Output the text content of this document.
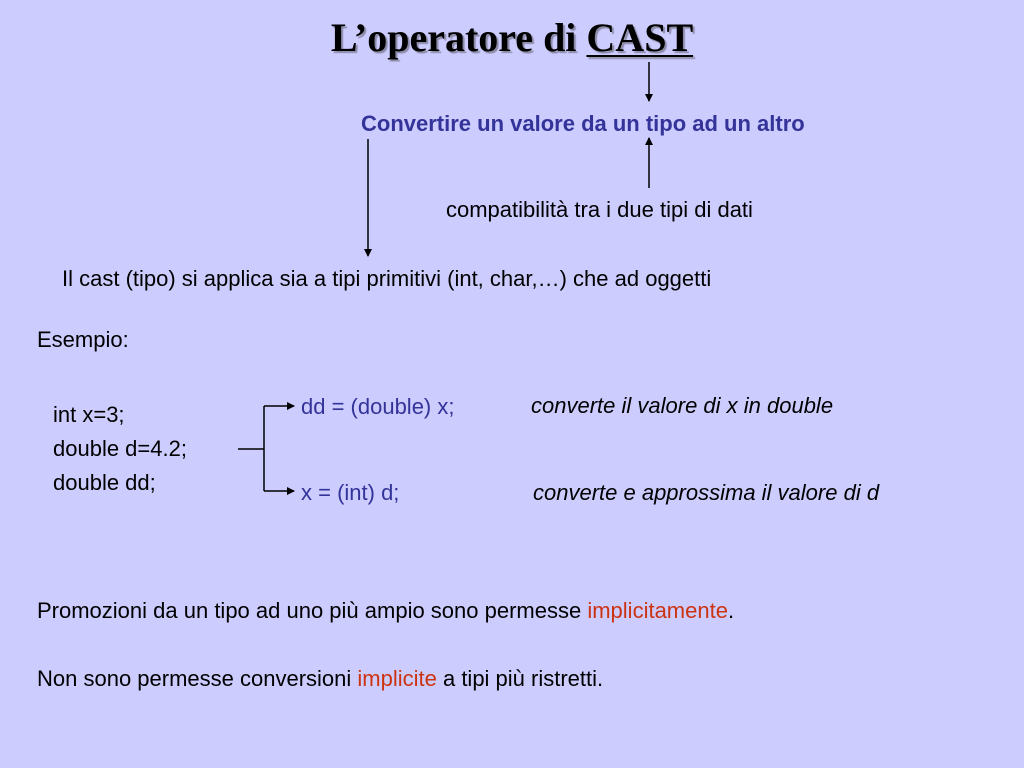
L’operatore di CAST
Convertire un valore da un tipo ad un altro
compatibilità tra i due tipi di dati
Il cast (tipo) si applica sia a tipi primitivi (int, char,…) che ad oggetti
Esempio:
int x=3;
double d=4.2;
double dd;
dd = (double) x;	converte il valore di x in double
x = (int) d;	converte e approssima il valore di d
Promozioni da un tipo ad uno più ampio sono permesse implicitamente.
Non sono permesse conversioni implicite a tipi più ristretti.
